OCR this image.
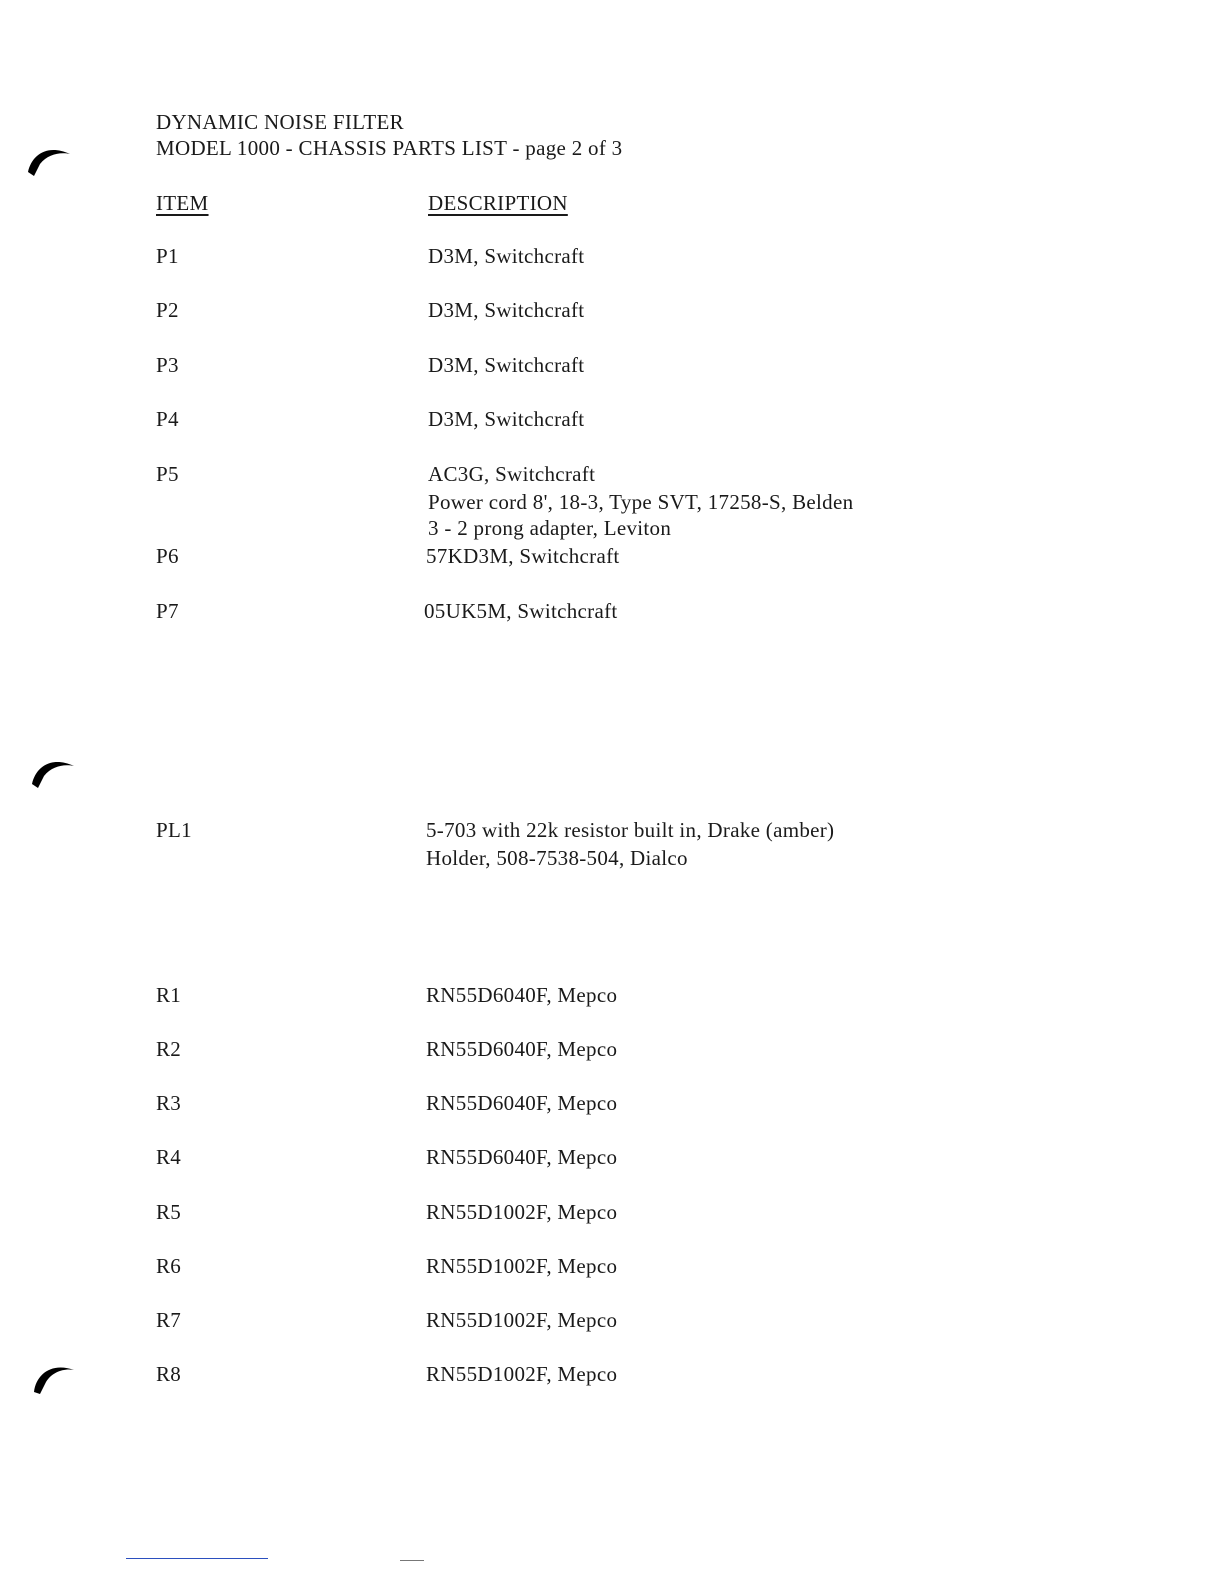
DYNAMIC NOISE FILTER
MODEL 1000 - CHASSIS PARTS LIST - page 2 of 3
ITEM	DESCRIPTION
P1	D3M, Switchcraft
P2	D3M, Switchcraft
P3	D3M, Switchcraft
P4	D3M, Switchcraft
P5	AC3G, Switchcraft
Power cord 8', 18-3, Type SVT, 17258-S, Belden
3 - 2 prong adapter, Leviton
P6	57KD3M, Switchcraft
P7	05UK5M, Switchcraft
PL1	5-703 with 22k resistor built in, Drake (amber)
Holder, 508-7538-504, Dialco
R1	RN55D6040F, Mepco
R2	RN55D6040F, Mepco
R3	RN55D6040F, Mepco
R4	RN55D6040F, Mepco
R5	RN55D1002F, Mepco
R6	RN55D1002F, Mepco
R7	RN55D1002F, Mepco
R8	RN55D1002F, Mepco
